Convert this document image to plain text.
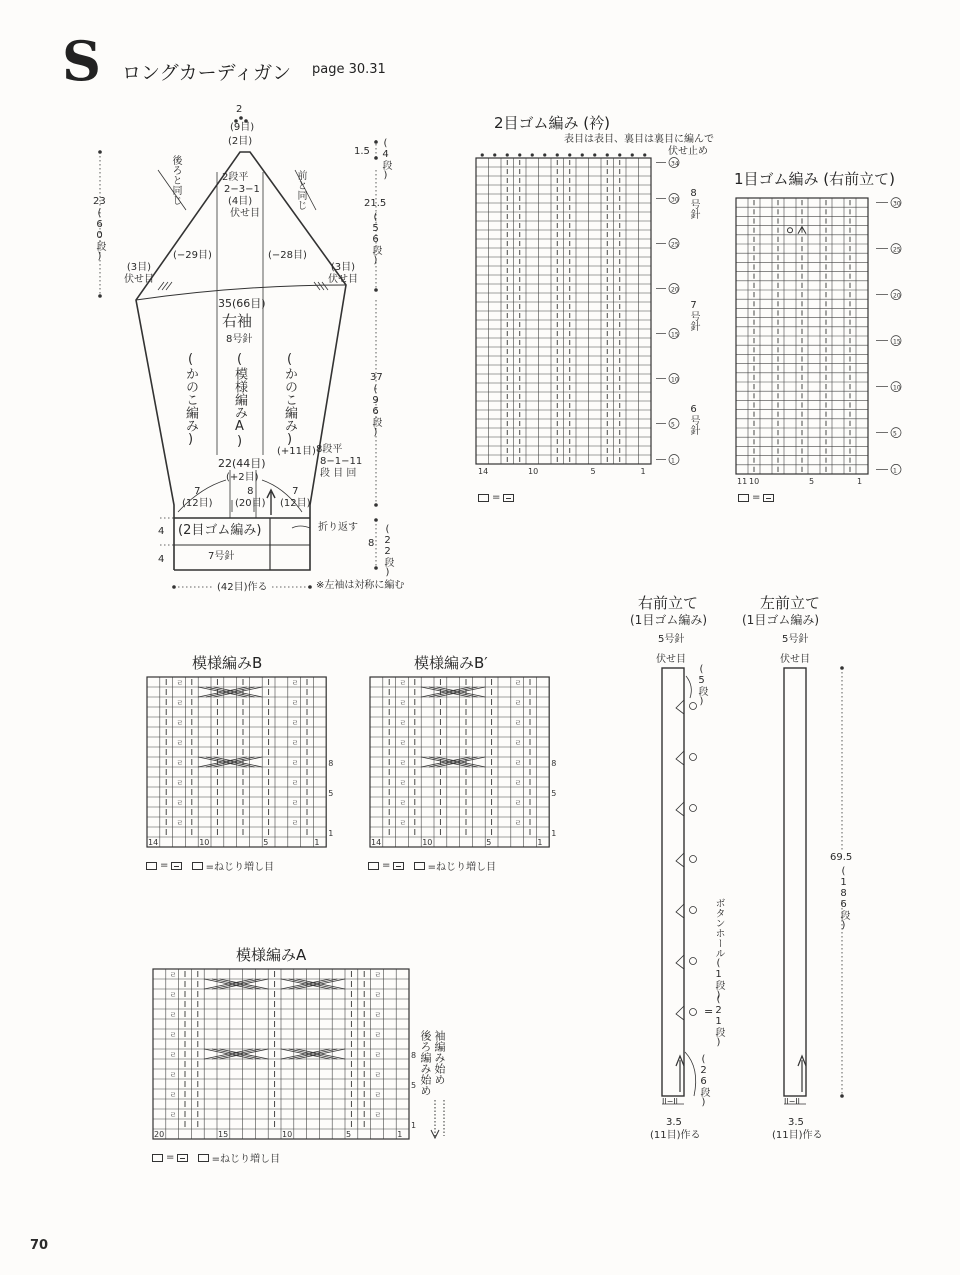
S ロングカーディガン page 30.31
2
(9目)
(2目)
2段平
2−3−1
(4目)
伏せ目
後ろと同じ	前と同じ
(−29目)	(−28目)
(3目)
伏せ目
(3目)
伏せ目
35(66目)
右袖
8号針
(模様編みA)
(かのこ編み)	(かのこ編み)
(+11目) 8段平
8−1−11
段 目 回
22(44目)
(+2目)
7
(12目)
8
(20目)
7
(12目)
(2目ゴム編み)
7号針
折り返す
(42目)作る	※左袖は対称に編む
1.5 (4段)
21.5
(56段)
23
(60段)
37
(96段)
8 (22段)
4
4
2目ゴム編み (衿)
表目は表目、裏目は裏目に編んで
伏せ止め
34
30
25
20
15
10
5
1
14	10	5	1
8号針
7号針
6号針
=
1目ゴム編み (右前立て)
30
25
20
15
10
5
1
11 10	5	1
=
模様編みB
ㄹ
ㄹ
ㄹ
ㄹ
ㄹ
ㄹ
ㄹ
ㄹ
ㄹ
ㄹ
ㄹ
ㄹ
ㄹ
ㄹ
ㄹ
ㄹ
14	10	5	1
8
5
1
=
	=ねじり増し目
模様編みB′
ㄹ
ㄹ
ㄹ
ㄹ
ㄹ
ㄹ
ㄹ
ㄹ
ㄹ
ㄹ
ㄹ
ㄹ
ㄹ
ㄹ
ㄹ
ㄹ
14	10	5	1
8
5
1
=
	=ねじり増し目
模様編みA
ㄹ
ㄹ
ㄹ
ㄹ
ㄹ
ㄹ
ㄹ
ㄹ
ㄹ
ㄹ
ㄹ
ㄹ
ㄹ
ㄹ
ㄹ
ㄹ
20	15	10	5	1
8
5
1
後ろ編み始め 袖編み始め
=
	=ねじり増し目
右前立て
(1目ゴム編み)
5号針
左前立て
(1目ゴム編み)
5号針
伏せ目	伏せ目
(5段)
ボタンホール(1段)
(21段)
=
(26段)
69.5
(186段)
Il−Il	Il−Il
3.5
(11目)作る
3.5
(11目)作る
70
